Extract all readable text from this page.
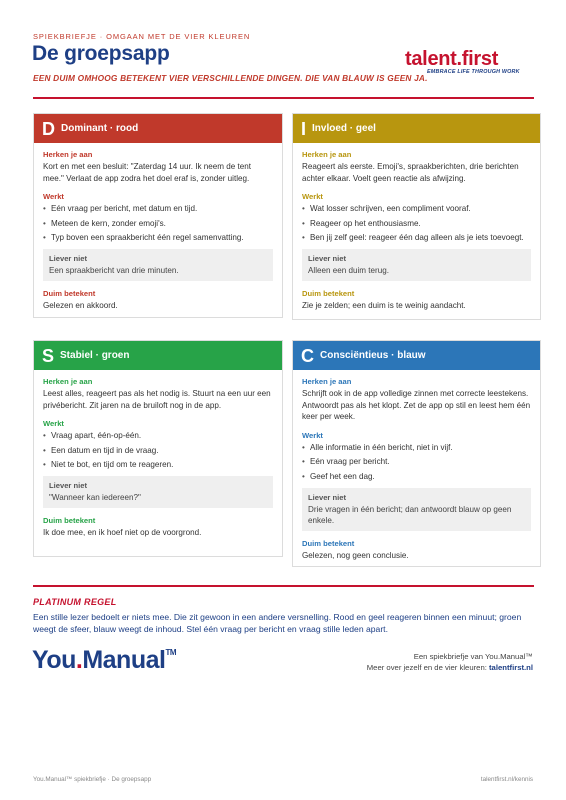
SPIEKBRIEFJE · OMGAAN MET DE VIER KLEUREN
De groepsapp
EEN DUIM OMHOOG BETEKENT VIER VERSCHILLENDE DINGEN. DIE VAN BLAUW IS GEEN JA.
talent.first
EMBRACE LIFE THROUGH WORK
D Dominant · rood
Herken je aan
Kort en met een besluit: "Zaterdag 14 uur. Ik neem de tent mee." Verlaat de app zodra het doel eraf is, zonder uitleg.
Werkt
• Eén vraag per bericht, met datum en tijd.
• Meteen de kern, zonder emoji's.
• Typ boven een spraakbericht één regel samenvatting.
Liever niet
Een spraakbericht van drie minuten.
Duim betekent
Gelezen en akkoord.
I Invloed · geel
Herken je aan
Reageert als eerste. Emoji's, spraakberichten, drie berichten achter elkaar. Voelt geen reactie als afwijzing.
Werkt
• Wat losser schrijven, een compliment vooraf.
• Reageer op het enthousiasme.
• Ben jij zelf geel: reageer één dag alleen als je iets toevoegt.
Liever niet
Alleen een duim terug.
Duim betekent
Zie je zelden; een duim is te weinig aandacht.
S Stabiel · groen
Herken je aan
Leest alles, reageert pas als het nodig is. Stuurt na een uur een privébericht. Zit jaren na de bruiloft nog in de app.
Werkt
• Vraag apart, één-op-één.
• Een datum en tijd in de vraag.
• Niet te bot, en tijd om te reageren.
Liever niet
"Wanneer kan iedereen?"
Duim betekent
Ik doe mee, en ik hoef niet op de voorgrond.
C Consciëntieus · blauw
Herken je aan
Schrijft ook in de app volledige zinnen met correcte leestekens. Antwoordt pas als het klopt. Zet de app op stil en leest hem één keer per week.
Werkt
• Alle informatie in één bericht, niet in vijf.
• Eén vraag per bericht.
• Geef het een dag.
Liever niet
Drie vragen in één bericht; dan antwoordt blauw op geen enkele.
Duim betekent
Gelezen, nog geen conclusie.
PLATINUM REGEL
Een stille lezer bedoelt er niets mee. Die zit gewoon in een andere versnelling. Rood en geel reageren binnen een minuut; groen weegt de sfeer, blauw weegt de inhoud. Stel één vraag per bericht en vraag stille leden apart.
You.Manual™	Een spiekbriefje van You.Manual™
Meer over jezelf en de vier kleuren: talentfirst.nl
You.Manual™ spiekbriefje · De groepsapp	talentfirst.nl/kennis
